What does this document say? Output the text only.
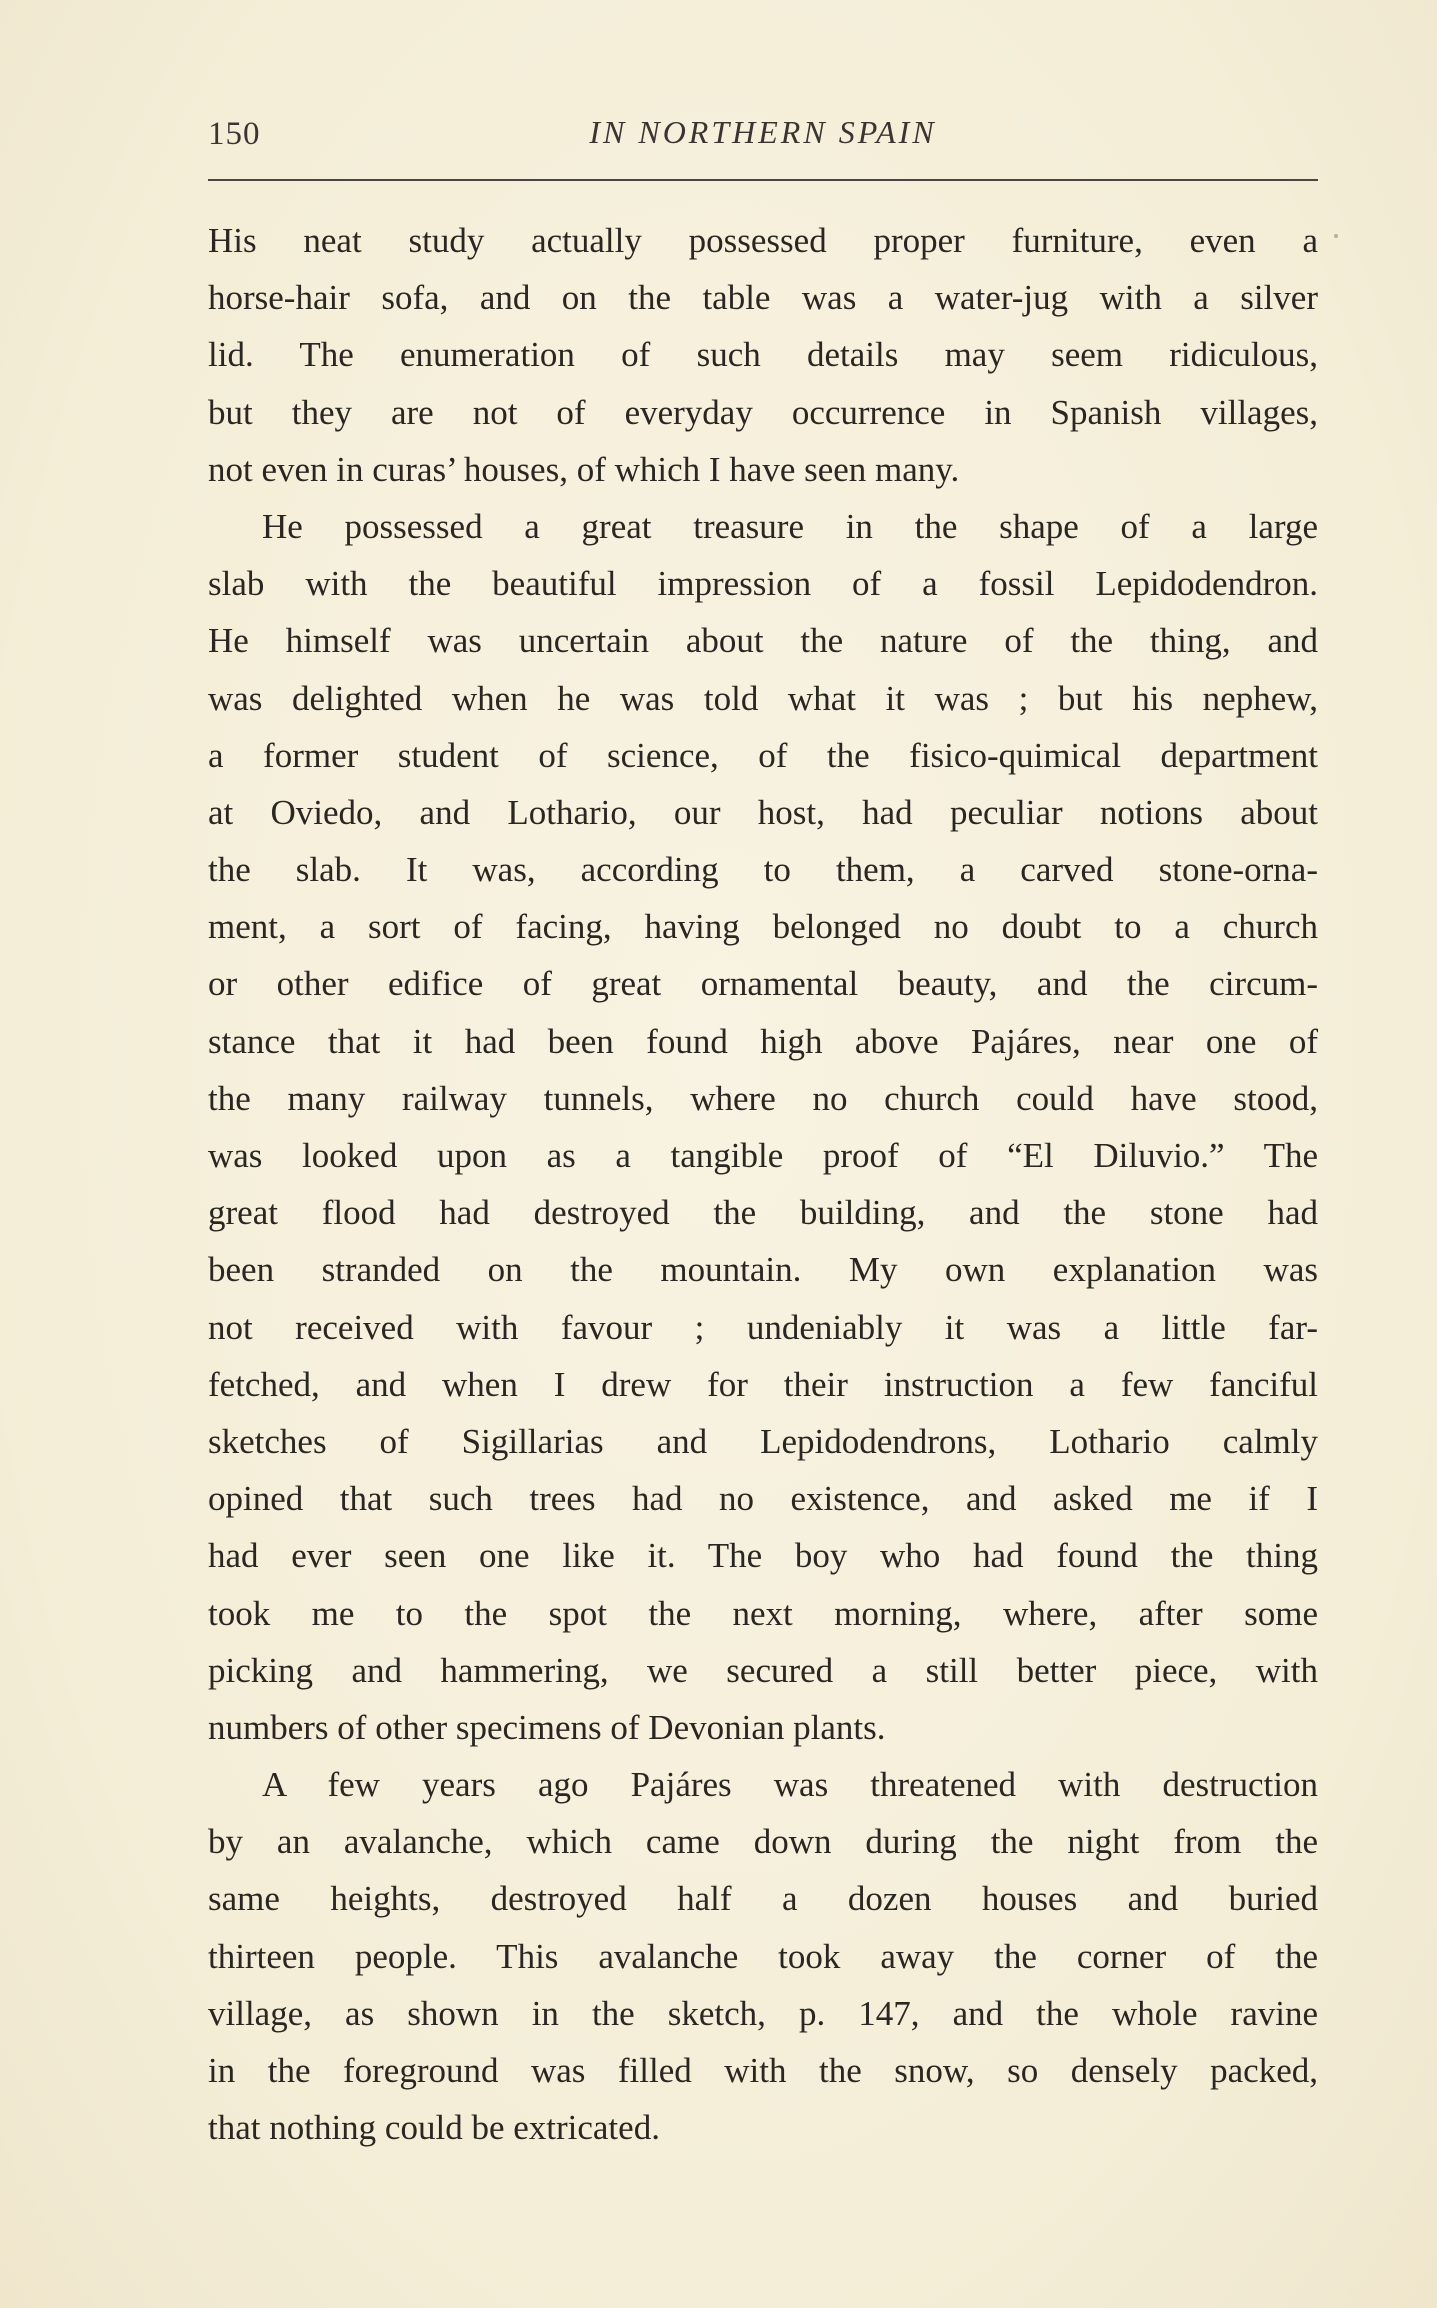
150	IN NORTHERN SPAIN
His neat study actually possessed proper furniture, even a
horse-hair sofa, and on the table was a water-jug with a silver
lid. The enumeration of such details may seem ridiculous,
but they are not of everyday occurrence in Spanish villages,
not even in curas’ houses, of which I have seen many.
He possessed a great treasure in the shape of a large
slab with the beautiful impression of a fossil Lepidodendron.
He himself was uncertain about the nature of the thing, and
was delighted when he was told what it was ; but his nephew,
a former student of science, of the fisico-quimical department
at Oviedo, and Lothario, our host, had peculiar notions about
the slab. It was, according to them, a carved stone-orna-
ment, a sort of facing, having belonged no doubt to a church
or other edifice of great ornamental beauty, and the circum-
stance that it had been found high above Pajáres, near one of
the many railway tunnels, where no church could have stood,
was looked upon as a tangible proof of “El Diluvio.” The
great flood had destroyed the building, and the stone had
been stranded on the mountain. My own explanation was
not received with favour ; undeniably it was a little far-
fetched, and when I drew for their instruction a few fanciful
sketches of Sigillarias and Lepidodendrons, Lothario calmly
opined that such trees had no existence, and asked me if I
had ever seen one like it. The boy who had found the thing
took me to the spot the next morning, where, after some
picking and hammering, we secured a still better piece, with
numbers of other specimens of Devonian plants.
A few years ago Pajáres was threatened with destruction
by an avalanche, which came down during the night from the
same heights, destroyed half a dozen houses and buried
thirteen people. This avalanche took away the corner of the
village, as shown in the sketch, p. 147, and the whole ravine
in the foreground was filled with the snow, so densely packed,
that nothing could be extricated.
